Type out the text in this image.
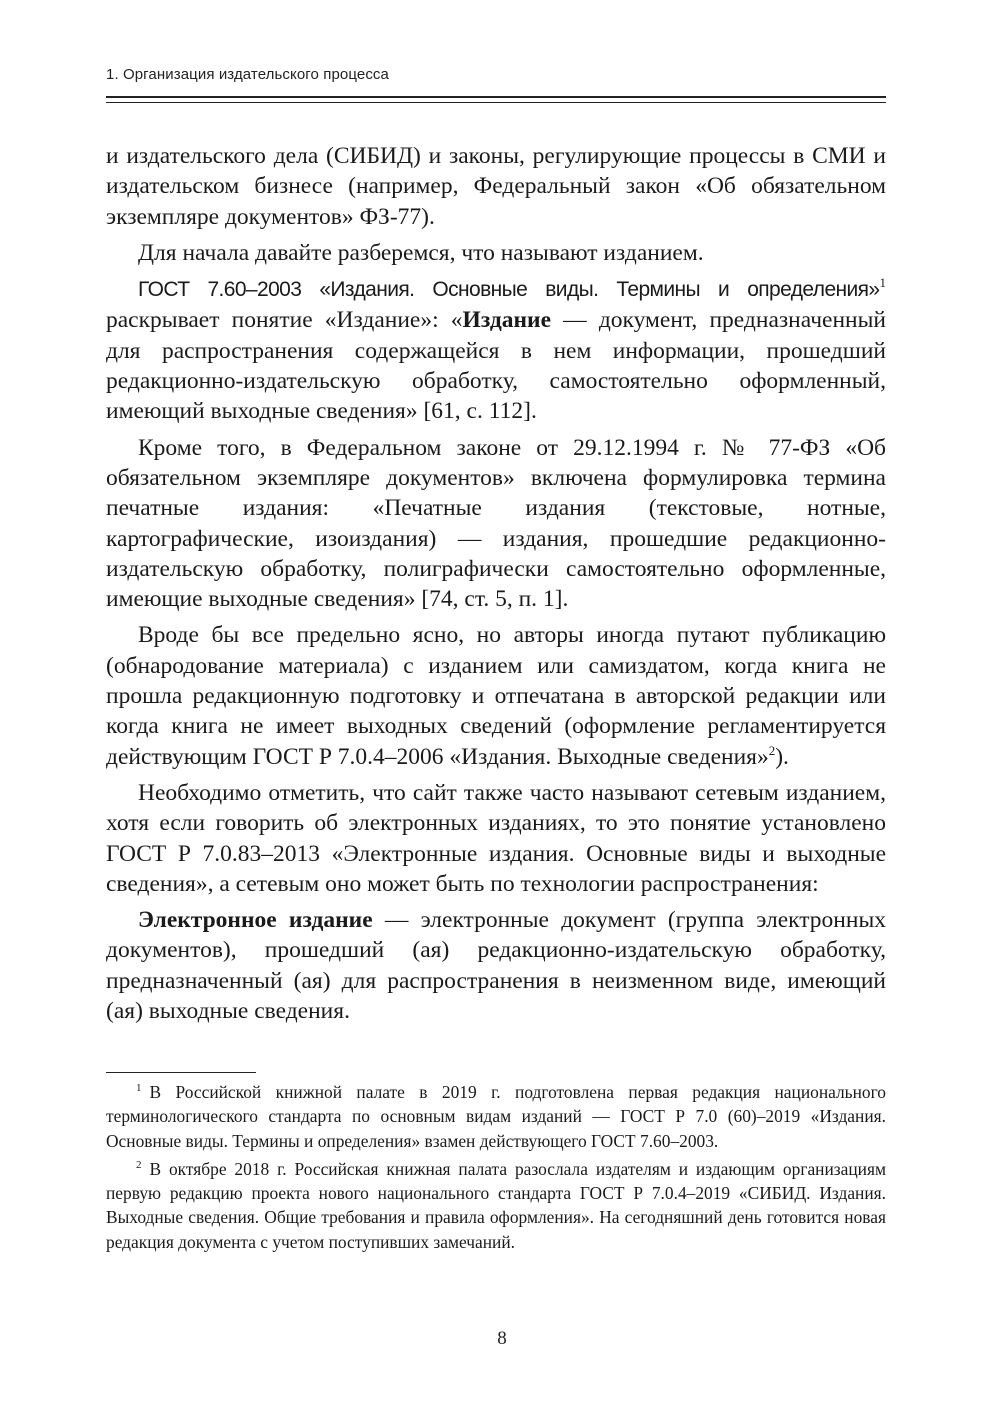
1. Организация издательского процесса

и издательского дела (СИБИД) и законы, регулирующие процессы в СМИ и издательском бизнесе (например, Федеральный закон «Об обязательном экземпляре документов» ФЗ-77).

Для начала давайте разберемся, что называют изданием.

ГОСТ 7.60–2003 «Издания. Основные виды. Термины и определения»$^1$ раскрывает понятие «Издание»: «Издание — документ, предназначенный для распространения содержащейся в нем информации, прошедший редакционно-издательскую обработку, самостоятельно оформленный, имеющий выходные сведения» [61, с. 112].

Кроме того, в Федеральном законе от 29.12.1994 г. № 77-ФЗ «Об обязательном экземпляре документов» включена формулировка термина печатные издания: «Печатные издания (текстовые, нотные, картографические, изоиздания) — издания, прошедшие редакционно-издательскую обработку, полиграфически самостоятельно оформленные, имеющие выходные сведения» [74, ст. 5, п. 1].

Вроде бы все предельно ясно, но авторы иногда путают публикацию (обнародование материала) с изданием или самиздатом, когда книга не прошла редакционную подготовку и отпечатана в авторской редакции или когда книга не имеет выходных сведений (оформление регламентируется действующим ГОСТ Р 7.0.4–2006 «Издания. Выходные сведения»$^2$).

Необходимо отметить, что сайт также часто называют сетевым изданием, хотя если говорить об электронных изданиях, то это понятие установлено ГОСТ Р 7.0.83–2013 «Электронные издания. Основные виды и выходные сведения», а сетевым оно может быть по технологии распространения:

Электронное издание — электронные документ (группа электронных документов), прошедший (ая) редакционно-издательскую обработку, предназначенный (ая) для распространения в неизменном виде, имеющий (ая) выходные сведения.

$^1$ В Российской книжной палате в 2019 г. подготовлена первая редакция национального терминологического стандарта по основным видам изданий — ГОСТ Р 7.0 (60)–2019 «Издания. Основные виды. Термины и определения» взамен действующего ГОСТ 7.60–2003.

$^2$ В октябре 2018 г. Российская книжная палата разослала издателям и издающим организациям первую редакцию проекта нового национального стандарта ГОСТ Р 7.0.4–2019 «СИБИД. Издания. Выходные сведения. Общие требования и правила оформления». На сегодняшний день готовится новая редакция документа с учетом поступивших замечаний.

8
